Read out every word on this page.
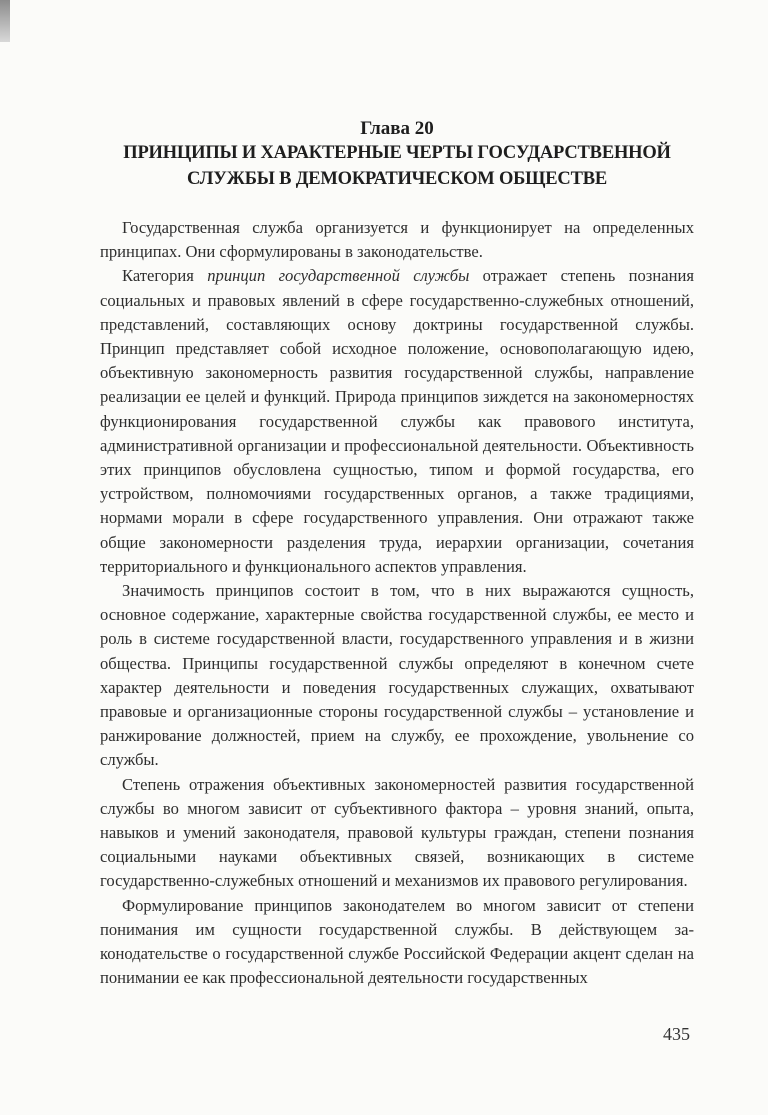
Глава 20
ПРИНЦИПЫ И ХАРАКТЕРНЫЕ ЧЕРТЫ ГОСУДАРСТВЕННОЙ
СЛУЖБЫ В ДЕМОКРАТИЧЕСКОМ ОБЩЕСТВЕ

Государственная служба организуется и функционирует на определенных принципах. Они сформулированы в законодательстве.

Категория принцип государственной службы отражает степень познания социальных и правовых явлений в сфере государственно-служебных отношений, представлений, составляющих основу доктрины государственной службы. Принцип представляет собой исходное положение, основополагающую идею, объективную закономерность развития государственной службы, направление реализации ее целей и функций. Природа принципов зиждется на закономерностях функционирования государственной службы как правового института, административной организации и профессиональной деятельности. Объективность этих принципов обусловлена сущностью, типом и формой государства, его устройством, полномочиями государственных органов, а также традициями, нормами морали в сфере государственного управления. Они отражают также общие закономерности разделения труда, иерархии организации, сочетания территориального и функционального аспектов управления.

Значимость принципов состоит в том, что в них выражаются сущность, основное содержание, характерные свойства государственной службы, ее место и роль в системе государственной власти, государственного управления и в жизни общества. Принципы государственной службы определяют в конечном счете характер деятельности и поведения государственных служащих, охватывают правовые и организационные стороны государственной службы – установление и ранжирование должностей, прием на службу, ее прохождение, увольнение со службы.

Степень отражения объективных закономерностей развития государственной службы во многом зависит от субъективного фактора – уровня знаний, опыта, навыков и умений законодателя, правовой культуры граждан, степени познания социальными науками объективных связей, возникающих в системе государственно-служебных отношений и механизмов их правового регулирования.

Формулирование принципов законодателем во многом зависит от степени понимания им сущности государственной службы. В действующем законодательстве о государственной службе Российской Федерации акцент сделан на понимании ее как профессиональной деятельности государственных

435
